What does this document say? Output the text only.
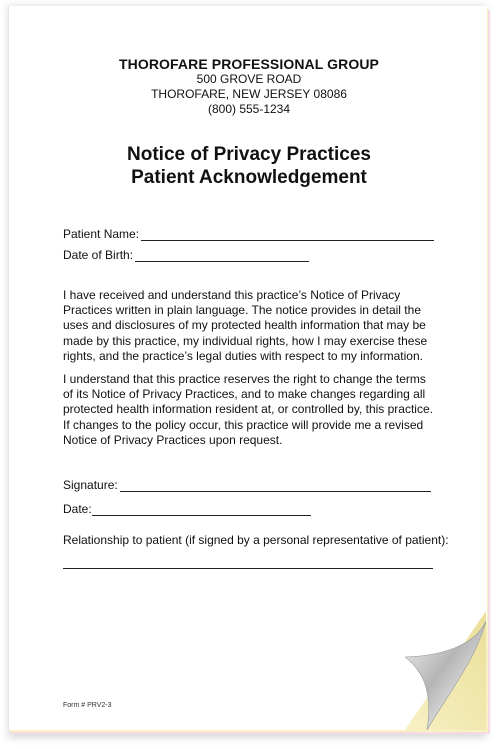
THOROFARE PROFESSIONAL GROUP
500 GROVE ROAD
THOROFARE, NEW JERSEY 08086
(800) 555-1234
Notice of Privacy Practices
Patient Acknowledgement
Patient Name:
Date of Birth:
I have received and understand this practice’s Notice of Privacy
Practices written in plain language. The notice provides in detail the
uses and disclosures of my protected health information that may be
made by this practice, my individual rights, how I may exercise these
rights, and the practice’s legal duties with respect to my information.
I understand that this practice reserves the right to change the terms
of its Notice of Privacy Practices, and to make changes regarding all
protected health information resident at, or controlled by, this practice.
If changes to the policy occur, this practice will provide me a revised
Notice of Privacy Practices upon request.
Signature:
Date:
Relationship to patient (if signed by a personal representative of patient):
Form # PRV2-3
